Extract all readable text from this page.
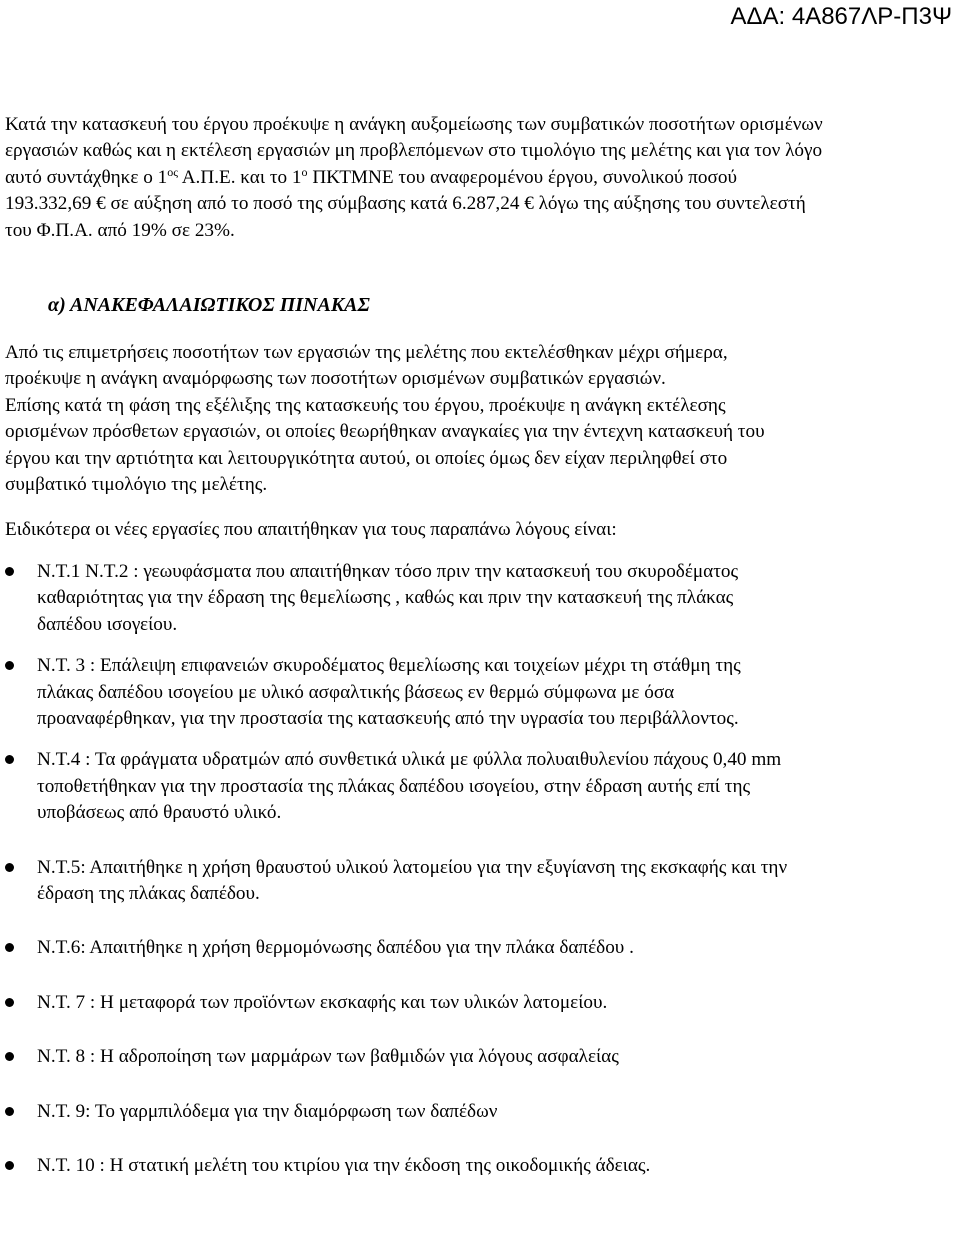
ΑΔΑ: 4Α867ΛΡ-Π3Ψ

Κατά την κατασκευή του έργου προέκυψε η ανάγκη αυξομείωσης των συμβατικών ποσοτήτων ορισμένων εργασιών καθώς και η εκτέλεση εργασιών μη προβλεπόμενων στο τιμολόγιο της μελέτης και για τον λόγο αυτό συντάχθηκε ο $1^{o\varsigma}$ Α.Π.Ε. και το $1^o$ ΠΚΤΜΝΕ του αναφερομένου έργου, συνολικού ποσού 193.332,69 € σε αύξηση από το ποσό της σύμβασης κατά 6.287,24 € λόγω της αύξησης του συντελεστή του Φ.Π.Α. από 19% σε 23%.

α) ΑΝΑΚΕΦΑΛΑΙΩΤΙΚΟΣ ΠΙΝΑΚΑΣ

Από τις επιμετρήσεις ποσοτήτων των εργασιών της μελέτης που εκτελέσθηκαν μέχρι σήμερα, προέκυψε η ανάγκη αναμόρφωσης των ποσοτήτων ορισμένων συμβατικών εργασιών.

Επίσης κατά τη φάση της εξέλιξης της κατασκευής του έργου, προέκυψε η ανάγκη εκτέλεσης ορισμένων πρόσθετων εργασιών, οι οποίες θεωρήθηκαν αναγκαίες για την έντεχνη κατασκευή του έργου και την αρτιότητα και λειτουργικότητα αυτού, οι οποίες όμως δεν είχαν περιληφθεί στο συμβατικό τιμολόγιο της μελέτης.

Ειδικότερα οι νέες εργασίες που απαιτήθηκαν για τους παραπάνω λόγους είναι:

Ν.Τ.1 Ν.Τ.2 : γεωυφάσματα που απαιτήθηκαν τόσο πριν την κατασκευή του σκυροδέματος καθαριότητας για την έδραση της θεμελίωσης , καθώς και πριν την κατασκευή της πλάκας δαπέδου ισογείου.
Ν.Τ. 3 : Επάλειψη επιφανειών σκυροδέματος θεμελίωσης και τοιχείων μέχρι τη στάθμη της πλάκας δαπέδου ισογείου με υλικό ασφαλτικής βάσεως εν θερμώ σύμφωνα με όσα προαναφέρθηκαν, για την προστασία της κατασκευής από την υγρασία του περιβάλλοντος.
Ν.Τ.4 : Τα φράγματα υδρατμών από συνθετικά υλικά με φύλλα πολυαιθυλενίου πάχους 0,40 mm τοποθετήθηκαν για την προστασία της πλάκας δαπέδου ισογείου, στην έδραση αυτής επί της υποβάσεως από θραυστό υλικό.
Ν.Τ.5: Απαιτήθηκε η χρήση θραυστού υλικού λατομείου για την εξυγίανση της εκσκαφής και την έδραση της πλάκας δαπέδου.
Ν.Τ.6: Απαιτήθηκε η χρήση θερμομόνωσης δαπέδου για την πλάκα δαπέδου .
Ν.Τ. 7 : Η μεταφορά των προϊόντων εκσκαφής και των υλικών λατομείου.
Ν.Τ. 8 : Η αδροποίηση των μαρμάρων των βαθμιδών για λόγους ασφαλείας
Ν.Τ. 9: Το γαρμπιλόδεμα για την διαμόρφωση των δαπέδων
Ν.Τ. 10 : Η στατική μελέτη του κτιρίου για την έκδοση της οικοδομικής άδειας.
